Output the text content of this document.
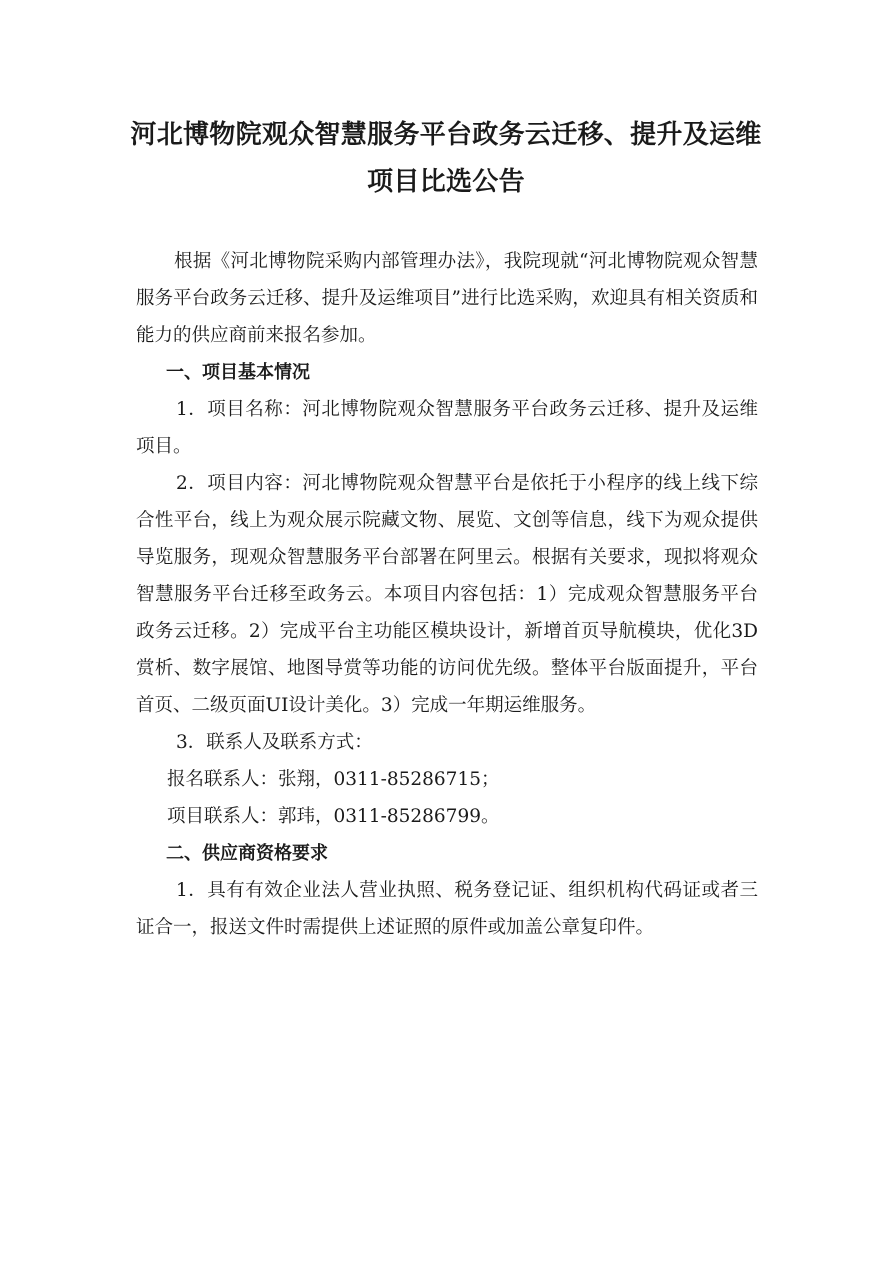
河北博物院观众智慧服务平台政务云迁移、提升及运维项目比选公告

根据《河北博物院采购内部管理办法》，我院现就“河北博物院观众智慧服务平台政务云迁移、提升及运维项目”进行比选采购，欢迎具有相关资质和能力的供应商前来报名参加。

一、项目基本情况

1．项目名称：河北博物院观众智慧服务平台政务云迁移、提升及运维项目。

2．项目内容：河北博物院观众智慧平台是依托于小程序的线上线下综合性平台，线上为观众展示院藏文物、展览、文创等信息，线下为观众提供导览服务，现观众智慧服务平台部署在阿里云。根据有关要求，现拟将观众智慧服务平台迁移至政务云。本项目内容包括：1）完成观众智慧服务平台政务云迁移。2）完成平台主功能区模块设计，新增首页导航模块，优化3D赏析、数字展馆、地图导赏等功能的访问优先级。整体平台版面提升，平台首页、二级页面UI设计美化。3）完成一年期运维服务。

3．联系人及联系方式：

报名联系人：张翔，0311-85286715；

项目联系人：郭玮，0311-85286799。

二、供应商资格要求

1．具有有效企业法人营业执照、税务登记证、组织机构代码证或者三证合一，报送文件时需提供上述证照的原件或加盖公章复印件。
